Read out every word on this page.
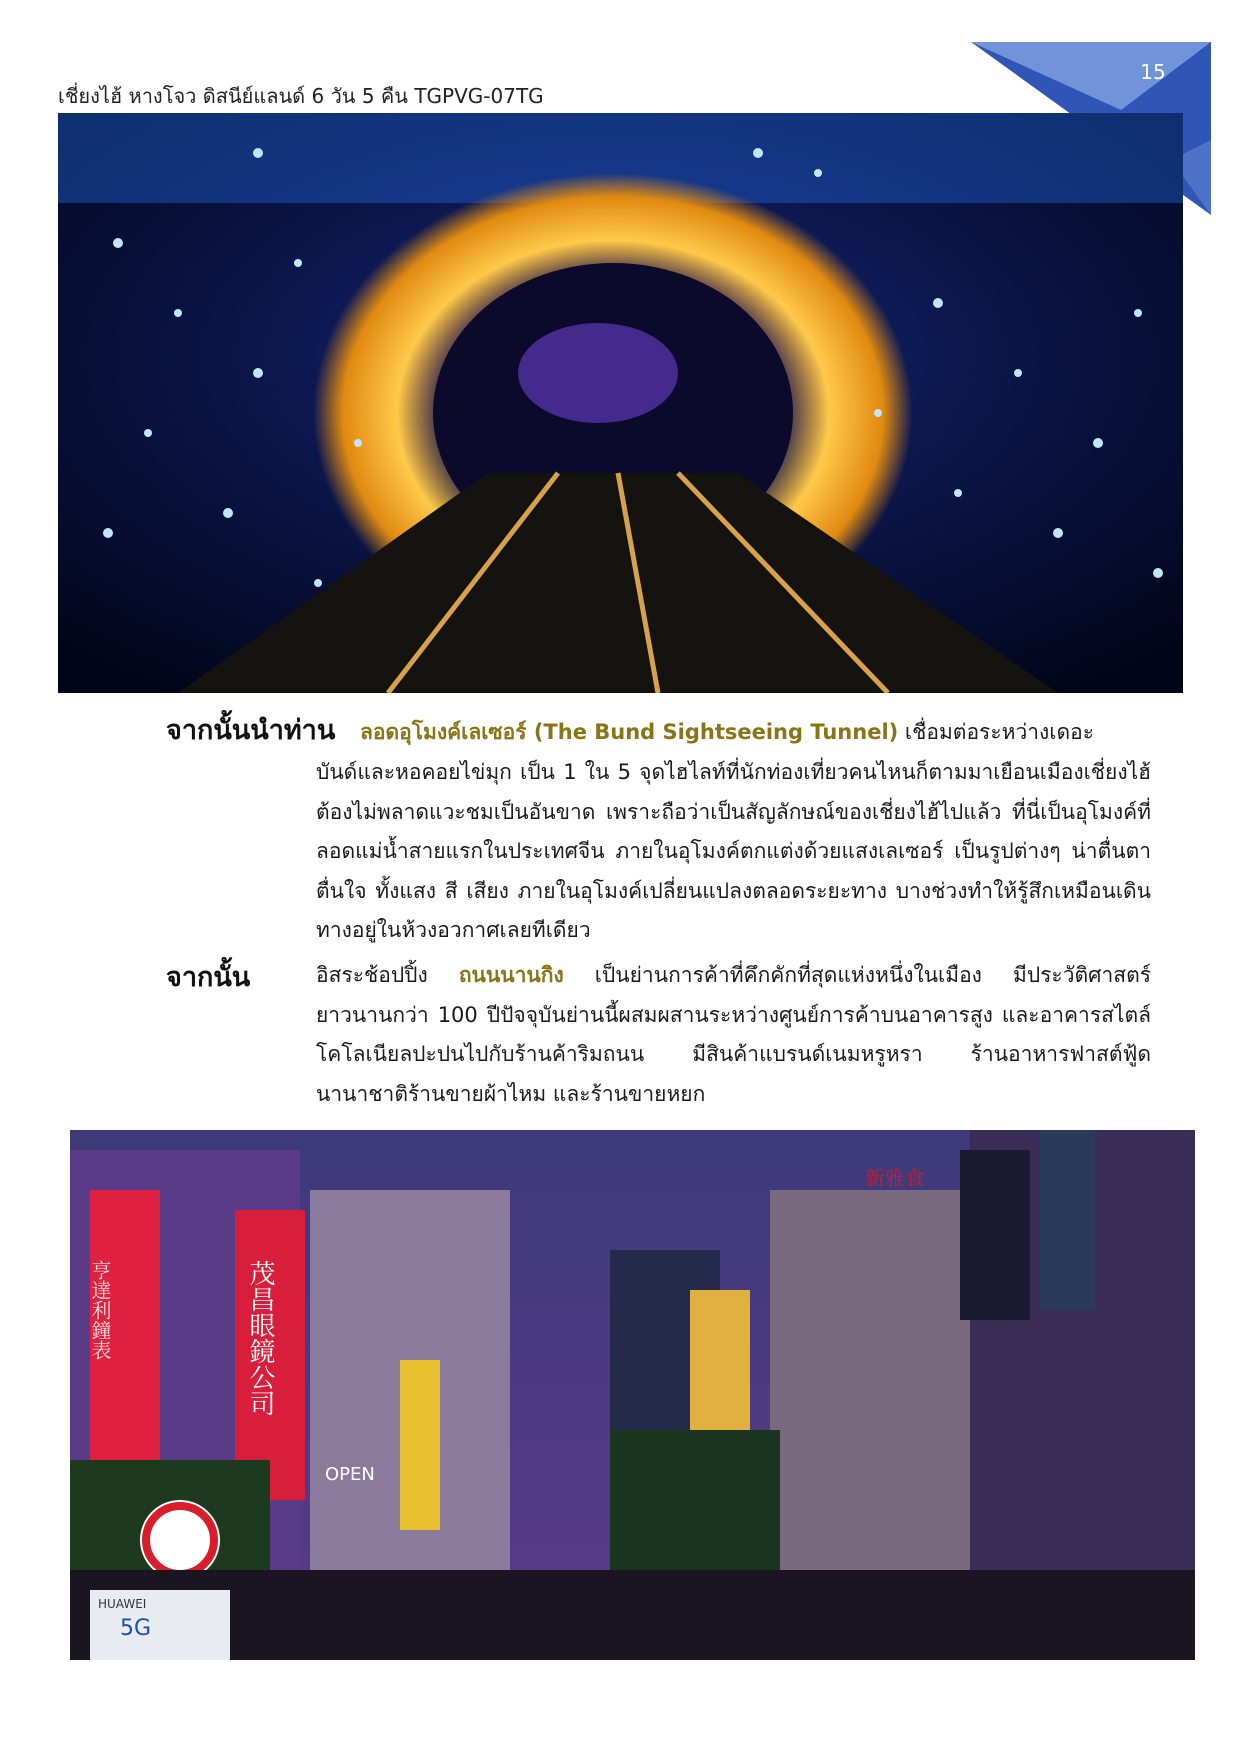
15
เชี่ยงไฮ้ หางโจว ดิสนีย์แลนด์ 6 วัน 5 คืน TGPVG-07TG
จากนั้นนำท่าน ลอดอุโมงค์เลเซอร์ (The Bund Sightseeing Tunnel) เชื่อมต่อระหว่างเดอะ
บันด์และหอคอยไข่มุก เป็น 1 ใน 5 จุดไฮไลท์ที่นักท่องเที่ยวคนไหนก็ตามมาเยือนเมืองเชี่ยงไฮ้ ต้องไม่พลาดแวะชมเป็นอันขาด เพราะถือว่าเป็นสัญลักษณ์ของเชี่ยงไฮ้ไปแล้ว ที่นี่เป็นอุโมงค์ที่ลอดแม่น้ำสายแรกในประเทศจีน ภายในอุโมงค์ตกแต่งด้วยแสงเลเซอร์ เป็นรูปต่างๆ น่าตื่นตาตื่นใจ ทั้งแสง สี เสียง ภายในอุโมงค์เปลี่ยนแปลงตลอดระยะทาง บางช่วงทำให้รู้สึกเหมือนเดินทางอยู่ในห้วงอวกาศเลยทีเดียว
จากนั้น	อิสระช้อปปิ้ง ถนนนานกิง เป็นย่านการค้าที่คึกคักที่สุดแห่งหนึ่งในเมือง มีประวัติศาสตร์ยาวนานกว่า 100 ปีปัจจุบันย่านนี้ผสมผสานระหว่างศูนย์การค้าบนอาคารสูง และอาคารสไตล์โคโลเนียลปะปนไปกับร้านค้าริมถนน มีสินค้าแบรนด์เนมหรูหรา ร้านอาหารฟาสต์ฟู้ดนานาชาติร้านขายผ้าไหม และร้านขายหยก
5G
HUAWEI
OPEN
亨達利鐘表	茂昌眼鏡公司
新雅食
